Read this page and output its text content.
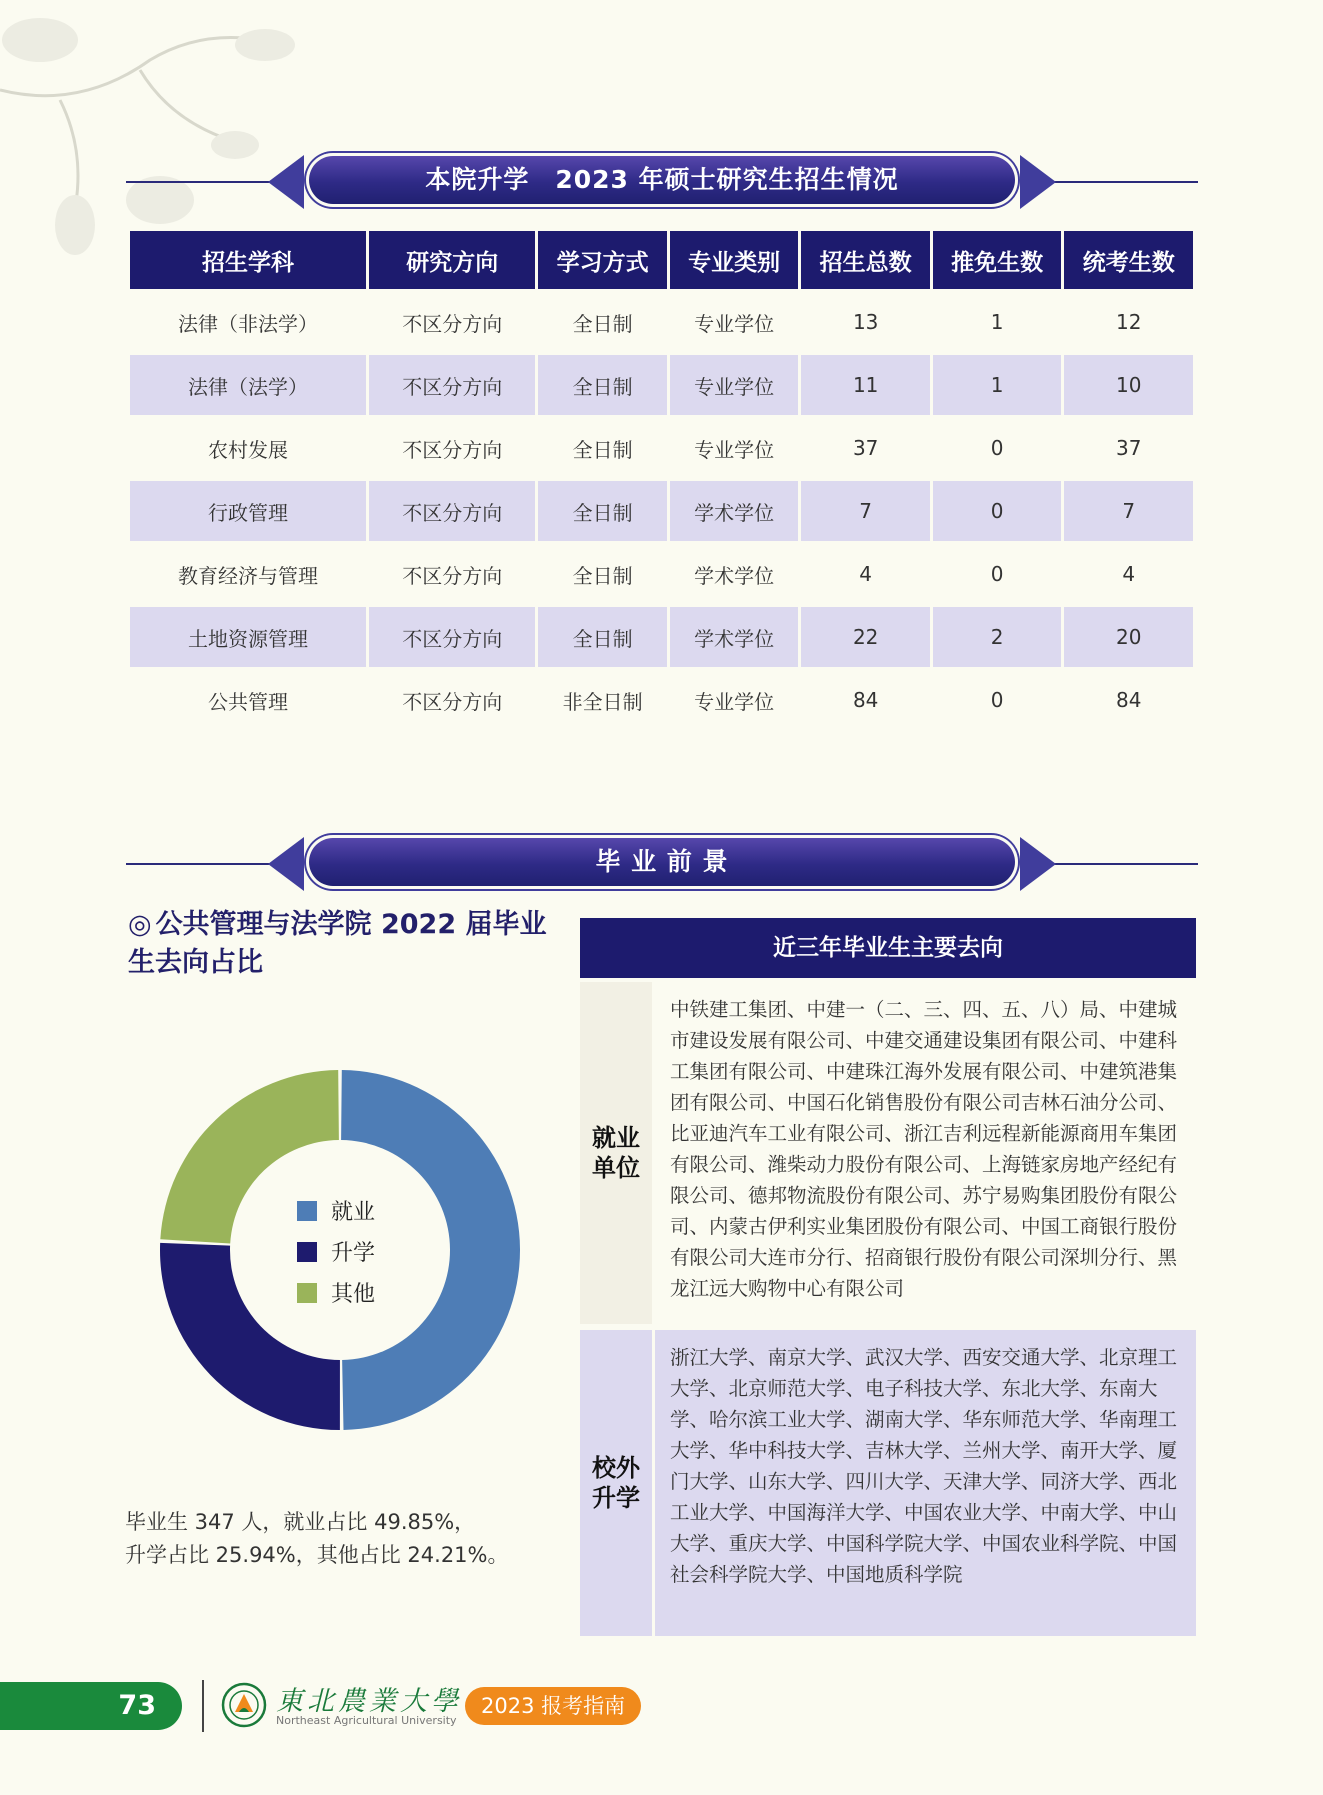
本院升学　2023 年硕士研究生招生情况
招生学科	研究方向	学习方式	专业类别	招生总数	推免生数	统考生数
法律（非法学）	不区分方向	全日制	专业学位	13	1	12
法律（法学）	不区分方向	全日制	专业学位	11	1	10
农村发展	不区分方向	全日制	专业学位	37	0	37
行政管理	不区分方向	全日制	学术学位	7	0	7
教育经济与管理	不区分方向	全日制	学术学位	4	0	4
土地资源管理	不区分方向	全日制	学术学位	22	2	20
公共管理	不区分方向	非全日制	专业学位	84	0	84
毕 业 前 景
◎ 公共管理与法学院 2022 届毕业生去向占比
就业
升学
其他
毕业生 347 人，就业占比 49.85%，
升学占比 25.94%，其他占比 24.21%。
近三年毕业生主要去向
就业单位
中铁建工集团、中建一（二、三、四、五、八）局、中建城市建设发展有限公司、中建交通建设集团有限公司、中建科工集团有限公司、中建珠江海外发展有限公司、中建筑港集团有限公司、中国石化销售股份有限公司吉林石油分公司、比亚迪汽车工业有限公司、浙江吉利远程新能源商用车集团有限公司、潍柴动力股份有限公司、上海链家房地产经纪有限公司、德邦物流股份有限公司、苏宁易购集团股份有限公司、内蒙古伊利实业集团股份有限公司、中国工商银行股份有限公司大连市分行、招商银行股份有限公司深圳分行、黑龙江远大购物中心有限公司
校外升学
浙江大学、南京大学、武汉大学、西安交通大学、北京理工大学、北京师范大学、电子科技大学、东北大学、东南大学、哈尔滨工业大学、湖南大学、华东师范大学、华南理工大学、华中科技大学、吉林大学、兰州大学、南开大学、厦门大学、山东大学、四川大学、天津大学、同济大学、西北工业大学、中国海洋大学、中国农业大学、中南大学、中山大学、重庆大学、中国科学院大学、中国农业科学院、中国社会科学院大学、中国地质科学院
73	東北農業大學
Northeast Agricultural University
2023 报考指南
